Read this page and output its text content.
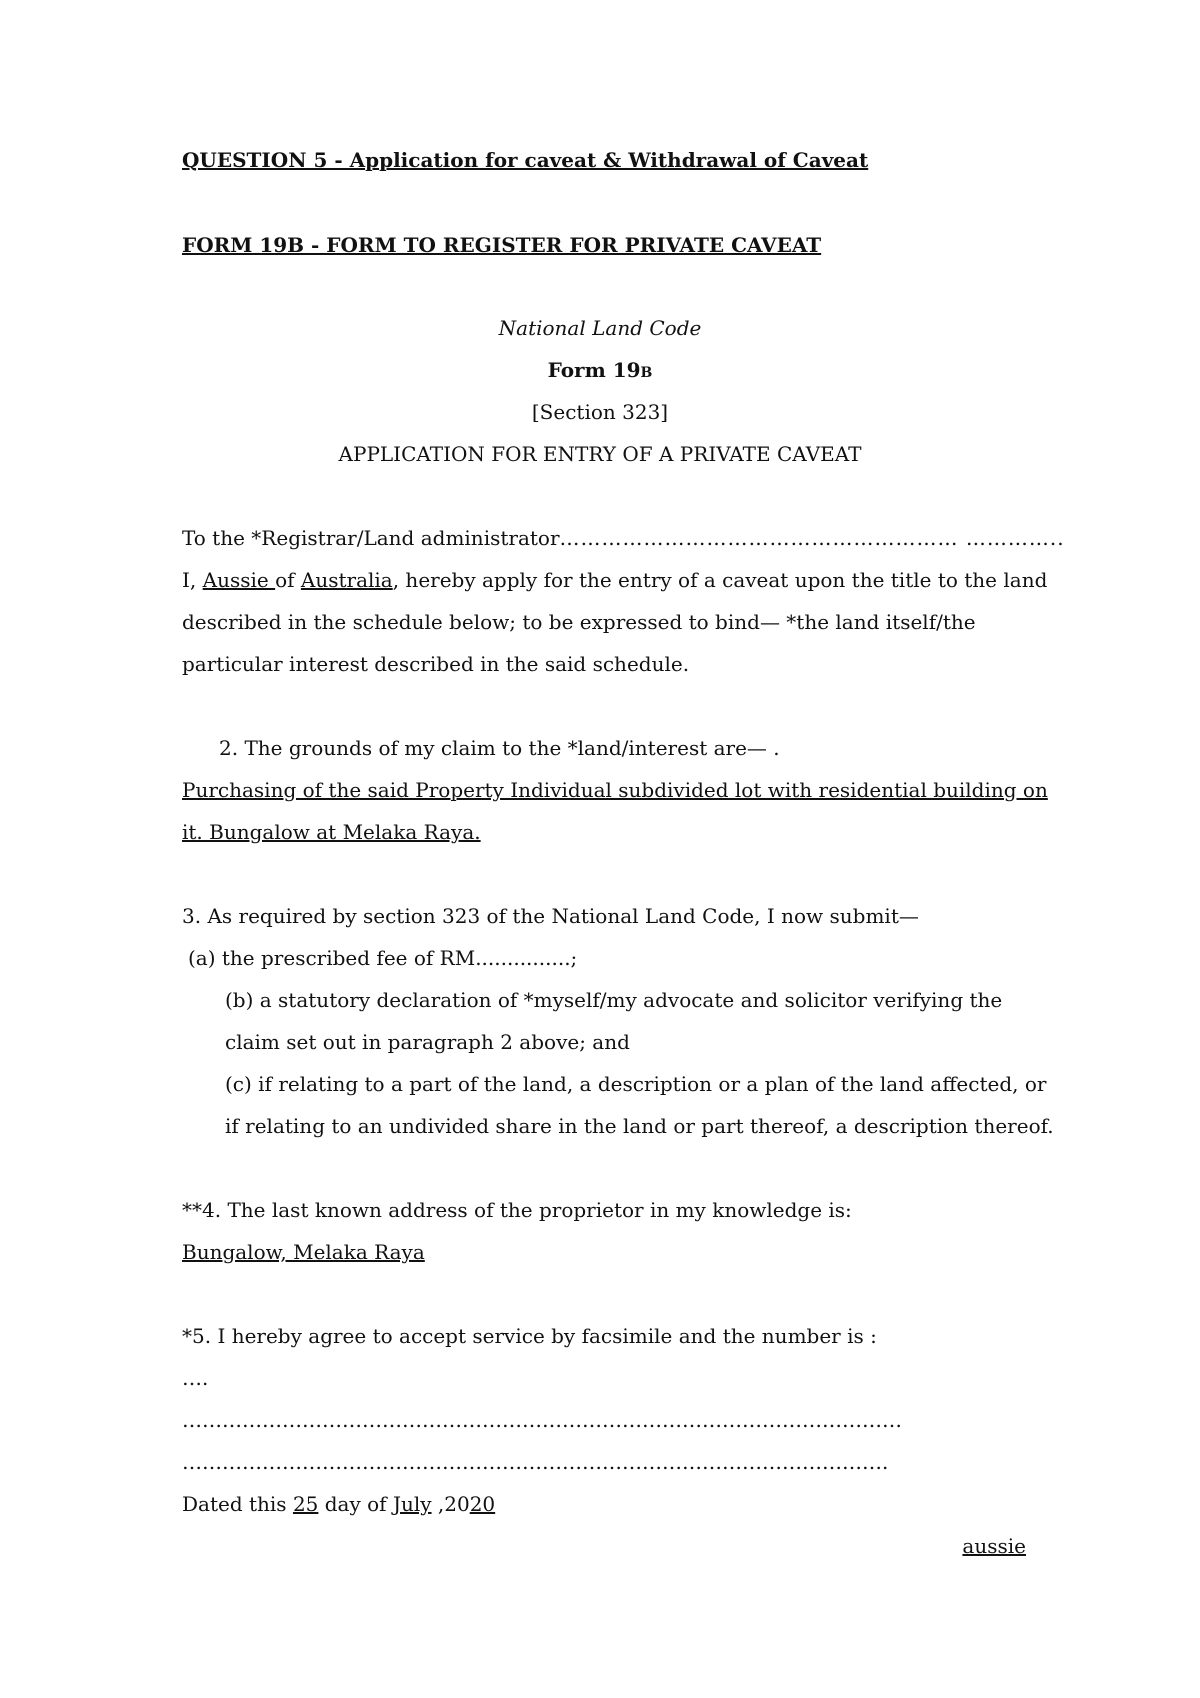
QUESTION 5 - Application for caveat & Withdrawal of Caveat
FORM 19B - FORM TO REGISTER FOR PRIVATE CAVEAT
National Land Code
Form 19B
[Section 323]
APPLICATION FOR ENTRY OF A PRIVATE CAVEAT
To the *Registrar/Land administrator………………………………………………… …………..
I, Aussie of Australia, hereby apply for the entry of a caveat upon the title to the land
described in the schedule below; to be expressed to bind— *the land itself/the
particular interest described in the said schedule.
2. The grounds of my claim to the *land/interest are— .
Purchasing of the said Property Individual subdivided lot with residential building on
it. Bungalow at Melaka Raya.
3. As required by section 323 of the National Land Code, I now submit—
(a) the prescribed fee of RM...............;
(b) a statutory declaration of *myself/my advocate and solicitor verifying the
claim set out in paragraph 2 above; and
(c) if relating to a part of the land, a description or a plan of the land affected, or
if relating to an undivided share in the land or part thereof, a description thereof.
**4. The last known address of the proprietor in my knowledge is:
Bungalow, Melaka Raya
*5. I hereby agree to accept service by facsimile and the number is :
….
………………………………………………………………………………………………
…………………………………………………………………………………………….
Dated this 25 day of July ,2020
aussie
